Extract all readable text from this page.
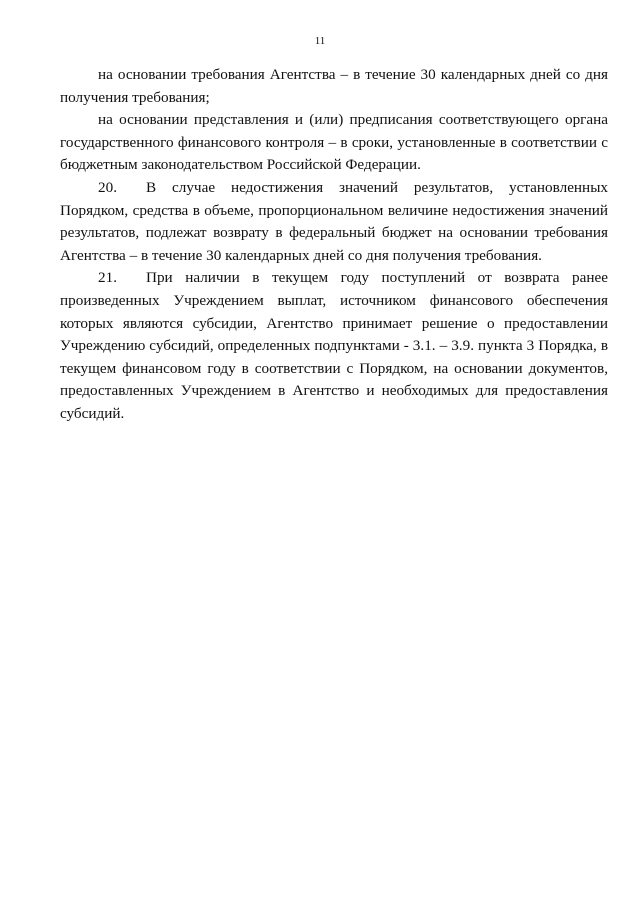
11

на основании требования Агентства – в течение 30 календарных дней со дня получения требования;

на основании представления и (или) предписания соответствующего органа государственного финансового контроля – в сроки, установленные в соответствии с бюджетным законодательством Российской Федерации.

20. В случае недостижения значений результатов, установленных Порядком, средства в объеме, пропорциональном величине недостижения значений результатов, подлежат возврату в федеральный бюджет на основании требования Агентства – в течение 30 календарных дней со дня получения требования.

21. При наличии в текущем году поступлений от возврата ранее произведенных Учреждением выплат, источником финансового обеспечения которых являются субсидии, Агентство принимает решение о предоставлении Учреждению субсидий, определенных подпунктами - 3.1. – 3.9. пункта 3 Порядка, в текущем финансовом году в соответствии с Порядком, на основании документов, предоставленных Учреждением в Агентство и необходимых для предоставления субсидий.
